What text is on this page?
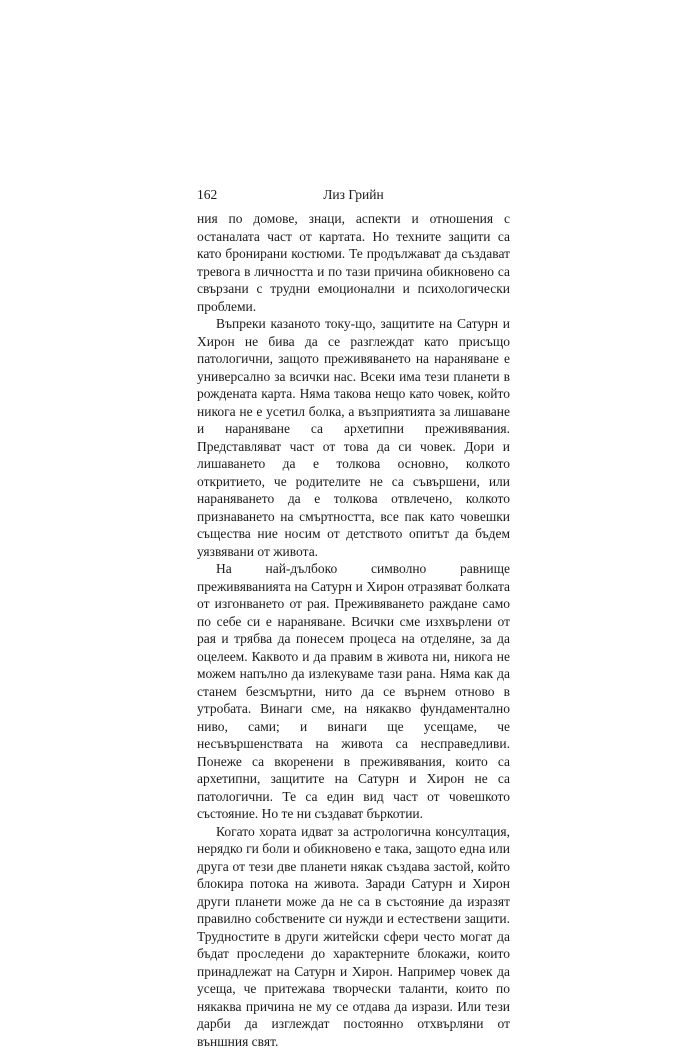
162	Лиз Грийн

ния по домове, знаци, аспекти и отношения с останалата част от картата. Но техните защити са като бронирани костюми. Те продължават да създават тревога в личността и по тази причина обикновено са свързани с трудни емоционални и психологически проблеми.

Въпреки казаното току-що, защитите на Сатурн и Хирон не бива да се разглеждат като присъщо патологични, защото преживяването на нараняване е универсално за всички нас. Всеки има тези планети в рождената карта. Няма такова нещо като човек, който никога не е усетил болка, а възприятията за лишаване и нараняване са архетипни преживявания. Представляват част от това да си човек. Дори и лишаването да е толкова основно, колкото откритието, че родителите не са съвършени, или нараняването да е толкова отвлечено, колкото признаването на смъртността, все пак като човешки същества ние носим от детството опитът да бъдем уязвявани от живота.

На най-дълбоко символно равнище преживяванията на Сатурн и Хирон отразяват болката от изгонването от рая. Преживяването раждане само по себе си е нараняване. Всички сме изхвърлени от рая и трябва да понесем процеса на отделяне, за да оцелеем. Каквото и да правим в живота ни, никога не можем напълно да излекуваме тази рана. Няма как да станем безсмъртни, нито да се върнем отново в утробата. Винаги сме, на някакво фундаментално ниво, сами; и винаги ще усещаме, че несъвършенствата на живота са несправедливи. Понеже са вкоренени в преживявания, които са архетипни, защитите на Сатурн и Хирон не са патологични. Те са един вид част от човешкото състояние. Но те ни създават бъркотии.

Когато хората идват за астрологична консултация, нерядко ги боли и обикновено е така, защото една или друга от тези две планети някак създава застой, който блокира потока на живота. Заради Сатурн и Хирон други планети може да не са в състояние да изразят правилно собствените си нужди и естествени защити. Трудностите в други житейски сфери често могат да бъдат проследени до характерните блокажи, които принадлежат на Сатурн и Хирон. Например човек да усеща, че притежава творчески таланти, които по някаква причина не му се отдава да изрази. Или тези дарби да изглеждат постоянно отхвърляни от външния свят.
